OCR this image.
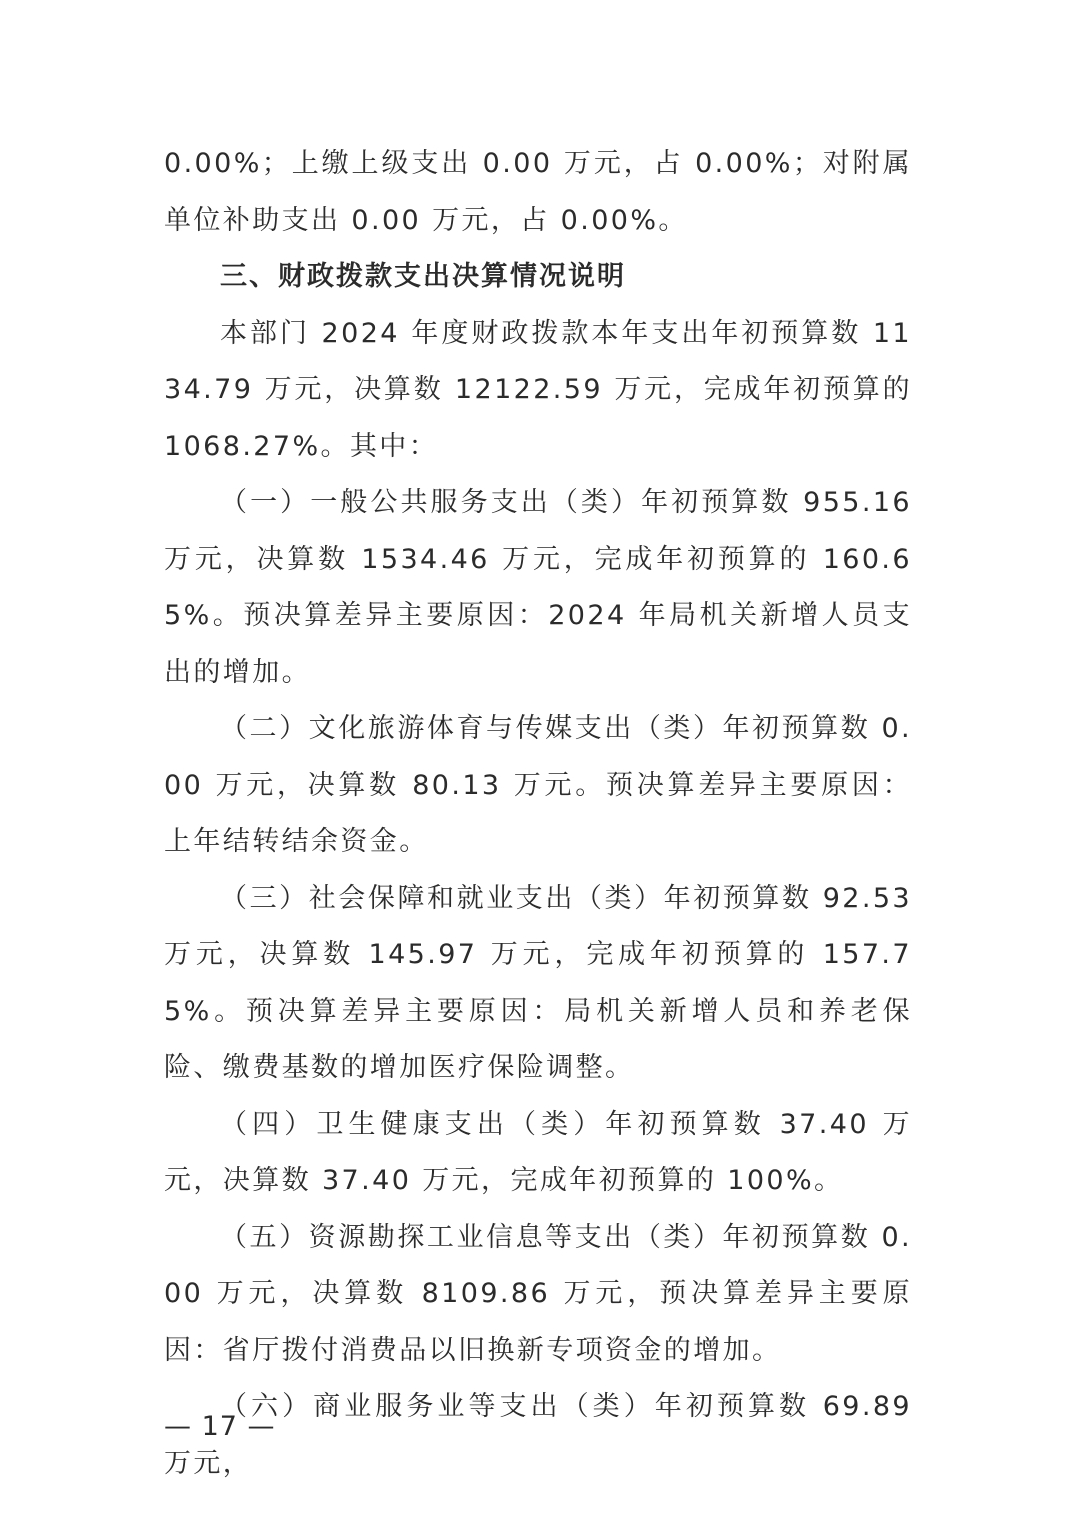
0.00%；上缴上级支出 0.00 万元，占 0.00%；对附属单位补助支出 0.00 万元，占 0.00%。

三、财政拨款支出决算情况说明

本部门 2024 年度财政拨款本年支出年初预算数 1134.79 万元，决算数 12122.59 万元，完成年初预算的 1068.27%。其中：

（一）一般公共服务支出（类）年初预算数 955.16 万元，决算数 1534.46 万元，完成年初预算的 160.65%。预决算差异主要原因：2024 年局机关新增人员支出的增加。

（二）文化旅游体育与传媒支出（类）年初预算数 0.00 万元，决算数 80.13 万元。预决算差异主要原因：上年结转结余资金。

（三）社会保障和就业支出（类）年初预算数 92.53 万元，决算数 145.97 万元，完成年初预算的 157.75%。预决算差异主要原因：局机关新增人员和养老保险、缴费基数的增加医疗保险调整。

（四）卫生健康支出（类）年初预算数 37.40 万元，决算数 37.40 万元，完成年初预算的 100%。

（五）资源勘探工业信息等支出（类）年初预算数 0.00 万元，决算数 8109.86 万元，预决算差异主要原因：省厅拨付消费品以旧换新专项资金的增加。

（六）商业服务业等支出（类）年初预算数 69.89 万元，

— 17 —
